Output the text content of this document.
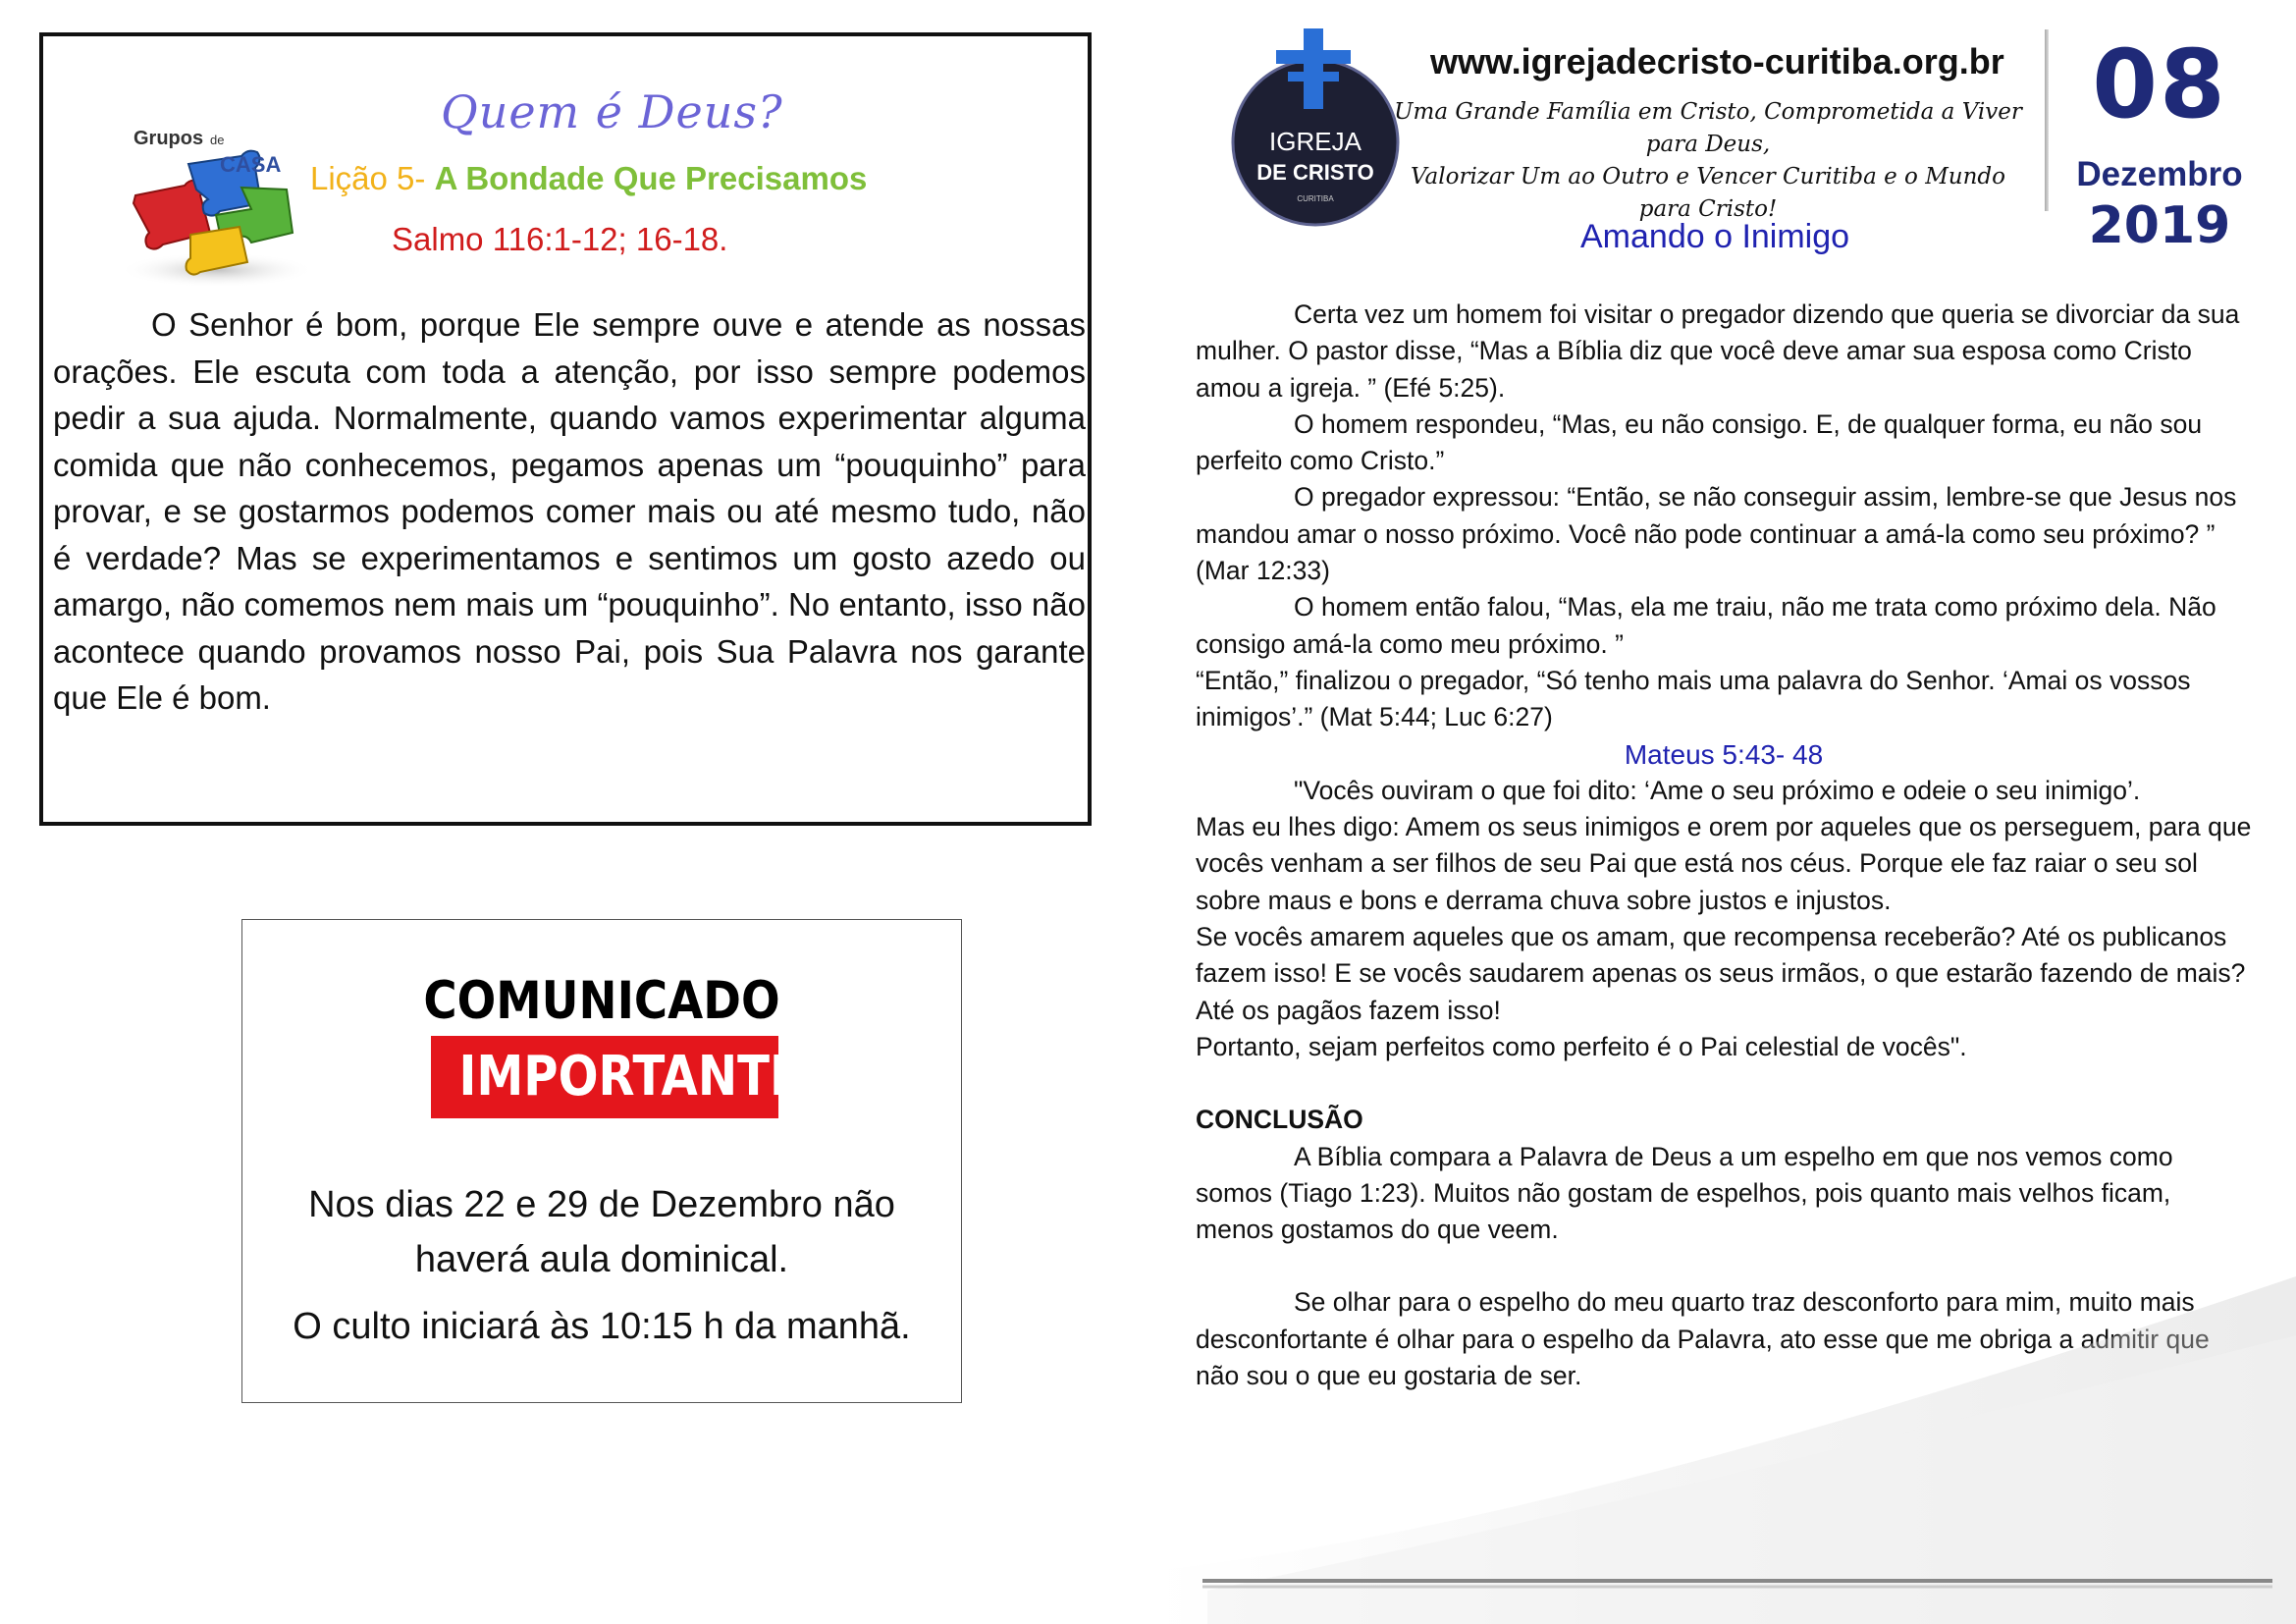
Grupos de
CASA
Quem é Deus?
Lição 5- A Bondade Que Precisamos
Salmo 116:1-12; 16-18.

O Senhor é bom, porque Ele sempre ouve e atende as nossas orações. Ele escuta com toda a atenção, por isso sempre podemos pedir a sua ajuda. Normalmente, quando vamos experimentar alguma comida que não conhecemos, pegamos apenas um “pouquinho” para provar, e se gostarmos podemos comer mais ou até mesmo tudo, não é verdade? Mas se experimentamos e sentimos um gosto azedo ou amargo, não comemos nem mais um “pouquinho”. No entanto, isso não acontece quando provamos nosso Pai, pois Sua Palavra nos garante que Ele é bom.

COMUNICADO
IMPORTANTE

Nos dias 22 e 29 de Dezembro não

haverá aula dominical.

O culto iniciará às 10:15 h da manhã.

IGREJA
DE CRISTO
CURITIBA
www.igrejadecristo-curitiba.org.br
Uma Grande Família em Cristo, Comprometida a Viver para Deus,
Valorizar Um ao Outro e Vencer Curitiba e o Mundo para Cristo!
08
Dezembro
2019
Amando o Inimigo

Certa vez um homem foi visitar o pregador dizendo que queria se divorciar da sua mulher. O pastor disse, “Mas a Bíblia diz que você deve amar sua esposa como Cristo amou a igreja. ” (Efé 5:25).

O homem respondeu, “Mas, eu não consigo. E, de qualquer forma, eu não sou perfeito como Cristo.”

O pregador expressou: “Então, se não conseguir assim, lembre-se que Jesus nos mandou amar o nosso próximo. Você não pode continuar a amá-la como seu próximo? ” (Mar 12:33)

O homem então falou, “Mas, ela me traiu, não me trata como próximo dela. Não consigo amá-la como meu próximo. ”

“Então,” finalizou o pregador, “Só tenho mais uma palavra do Senhor. ‘Amai os vossos inimigos’.” (Mat 5:44; Luc 6:27)

Mateus 5:43- 48

"Vocês ouviram o que foi dito: ‘Ame o seu próximo e odeie o seu inimigo’.

Mas eu lhes digo: Amem os seus inimigos e orem por aqueles que os perseguem, para que vocês venham a ser filhos de seu Pai que está nos céus. Porque ele faz raiar o seu sol sobre maus e bons e derrama chuva sobre justos e injustos.

Se vocês amarem aqueles que os amam, que recompensa receberão? Até os publicanos fazem isso! E se vocês saudarem apenas os seus irmãos, o que estarão fazendo de mais? Até os pagãos fazem isso!

Portanto, sejam perfeitos como perfeito é o Pai celestial de vocês".

CONCLUSÃO

A Bíblia compara a Palavra de Deus a um espelho em que nos vemos como somos (Tiago 1:23). Muitos não gostam de espelhos, pois quanto mais velhos ficam, menos gostamos do que veem.

Se olhar para o espelho do meu quarto traz desconforto para mim, muito mais desconfortante é olhar para o espelho da Palavra, ato esse que me obriga a admitir que não sou o que eu gostaria de ser.
